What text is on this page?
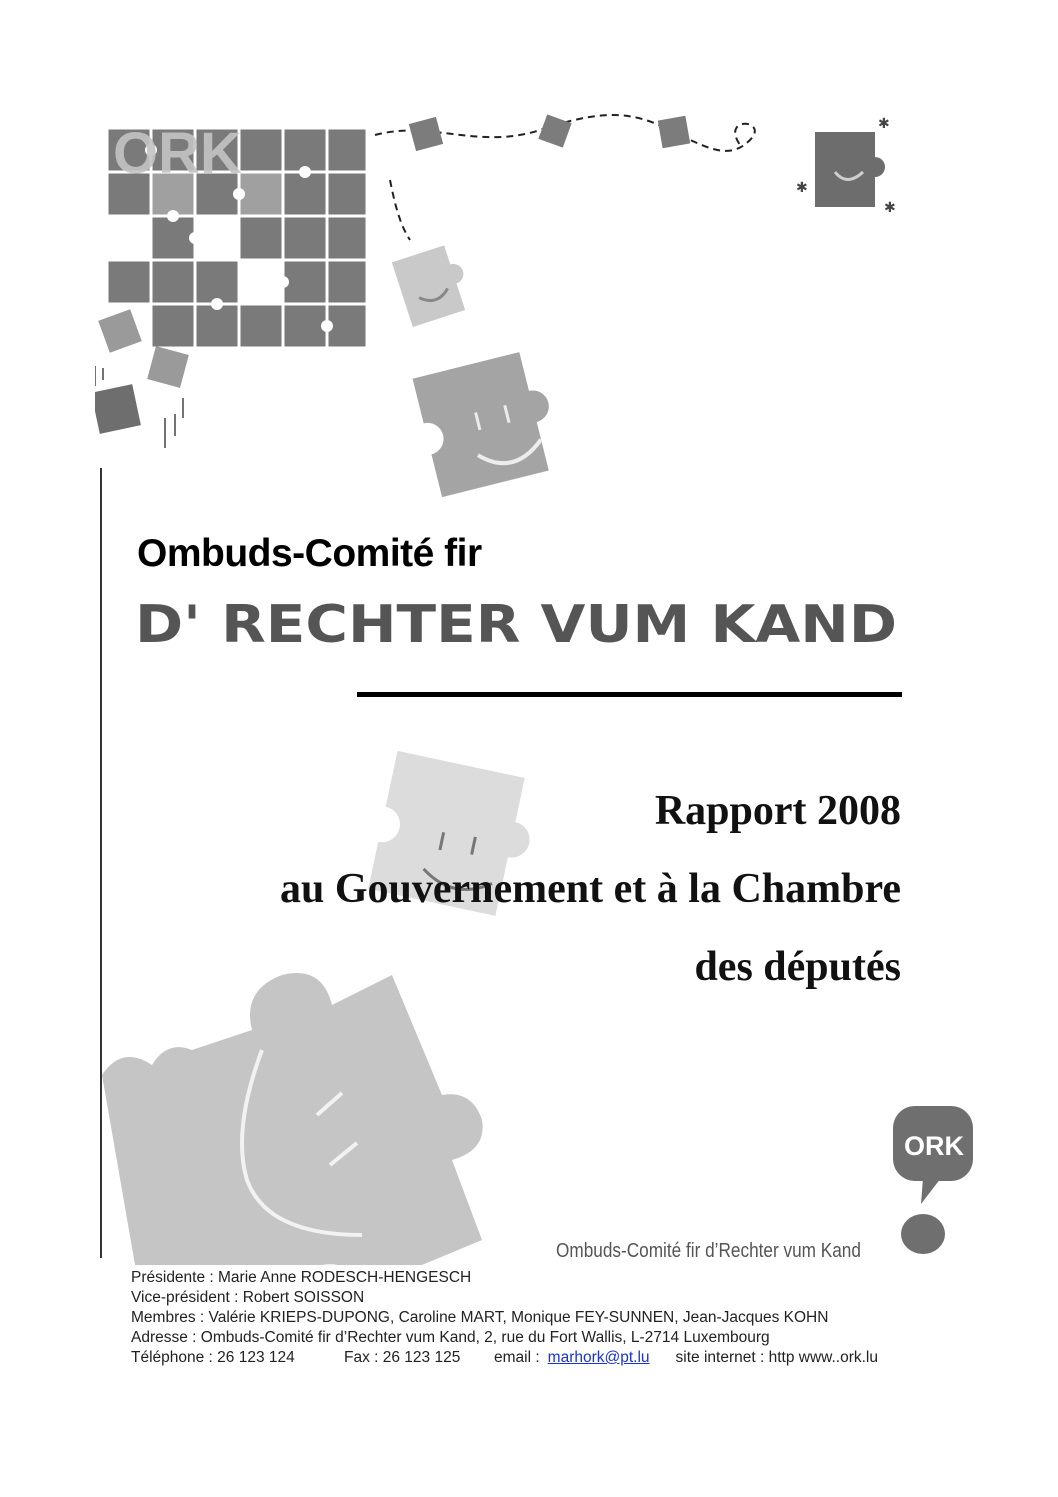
ORK	✱
✱
✱
Ombuds-Comité fir
D' RECHTER VUM KAND
Rapport 2008
au Gouvernement et à la Chambre
des députés
ORK
Ombuds-Comité fir d’Rechter vum Kand
Présidente : Marie Anne RODESCH-HENGESCH
Vice-président : Robert SOISSON
Membres : Valérie KRIEPS-DUPONG, Caroline MART, Monique FEY-SUNNEN, Jean-Jacques KOHN
Adresse : Ombuds-Comité fir d’Rechter vum Kand, 2, rue du Fort Wallis, L-2714 Luxembourg
Téléphone : 26 123 124	Fax : 26 123 125 email : marhork@pt.lu site internet : http www..ork.lu
